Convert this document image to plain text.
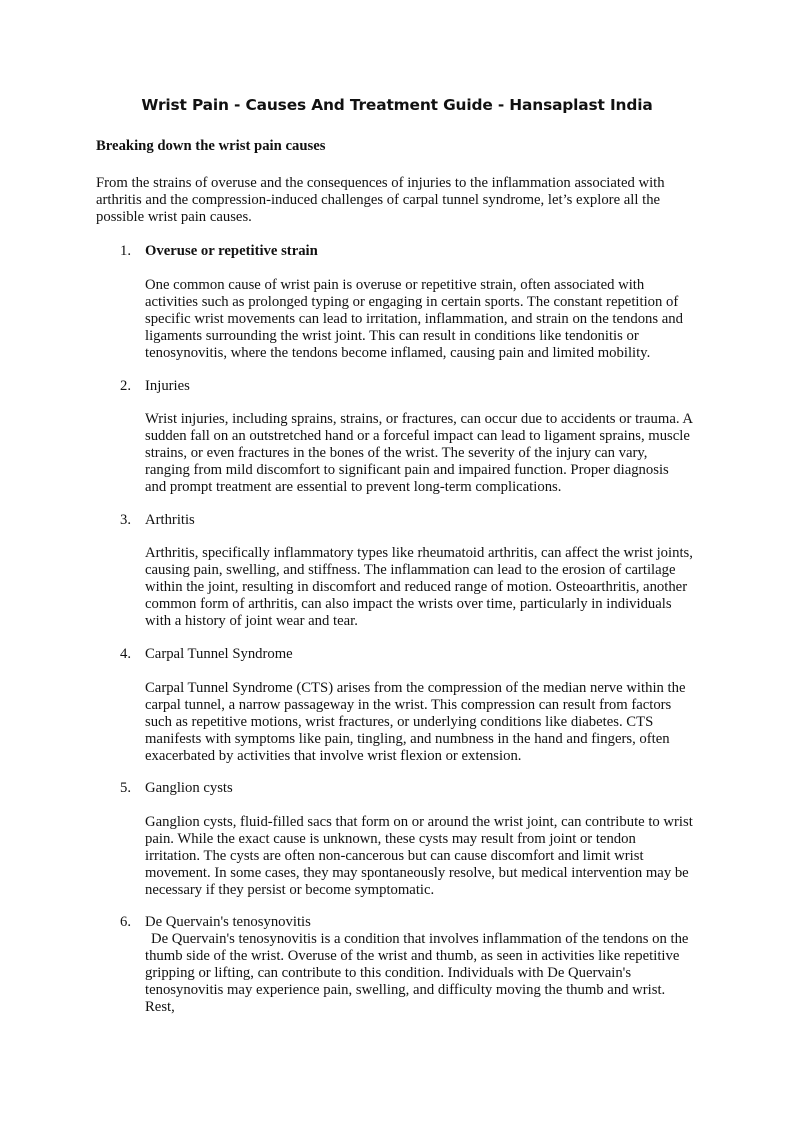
Wrist Pain - Causes And Treatment Guide - Hansaplast India
Breaking down the wrist pain causes
From the strains of overuse and the consequences of injuries to the inflammation associated with arthritis and the compression-induced challenges of carpal tunnel syndrome, let’s explore all the possible wrist pain causes.
1. Overuse or repetitive strain
One common cause of wrist pain is overuse or repetitive strain, often associated with activities such as prolonged typing or engaging in certain sports. The constant repetition of specific wrist movements can lead to irritation, inflammation, and strain on the tendons and ligaments surrounding the wrist joint. This can result in conditions like tendonitis or tenosynovitis, where the tendons become inflamed, causing pain and limited mobility.
2. Injuries
Wrist injuries, including sprains, strains, or fractures, can occur due to accidents or trauma. A sudden fall on an outstretched hand or a forceful impact can lead to ligament sprains, muscle strains, or even fractures in the bones of the wrist. The severity of the injury can vary, ranging from mild discomfort to significant pain and impaired function. Proper diagnosis and prompt treatment are essential to prevent long-term complications.
3. Arthritis
Arthritis, specifically inflammatory types like rheumatoid arthritis, can affect the wrist joints, causing pain, swelling, and stiffness. The inflammation can lead to the erosion of cartilage within the joint, resulting in discomfort and reduced range of motion. Osteoarthritis, another common form of arthritis, can also impact the wrists over time, particularly in individuals with a history of joint wear and tear.
4. Carpal Tunnel Syndrome
Carpal Tunnel Syndrome (CTS) arises from the compression of the median nerve within the carpal tunnel, a narrow passageway in the wrist. This compression can result from factors such as repetitive motions, wrist fractures, or underlying conditions like diabetes. CTS manifests with symptoms like pain, tingling, and numbness in the hand and fingers, often exacerbated by activities that involve wrist flexion or extension.
5. Ganglion cysts
Ganglion cysts, fluid-filled sacs that form on or around the wrist joint, can contribute to wrist pain. While the exact cause is unknown, these cysts may result from joint or tendon irritation. The cysts are often non-cancerous but can cause discomfort and limit wrist movement. In some cases, they may spontaneously resolve, but medical intervention may be necessary if they persist or become symptomatic.
6. De Quervain's tenosynovitis
De Quervain's tenosynovitis is a condition that involves inflammation of the tendons on the thumb side of the wrist. Overuse of the wrist and thumb, as seen in activities like repetitive gripping or lifting, can contribute to this condition. Individuals with De Quervain's tenosynovitis may experience pain, swelling, and difficulty moving the thumb and wrist. Rest,
